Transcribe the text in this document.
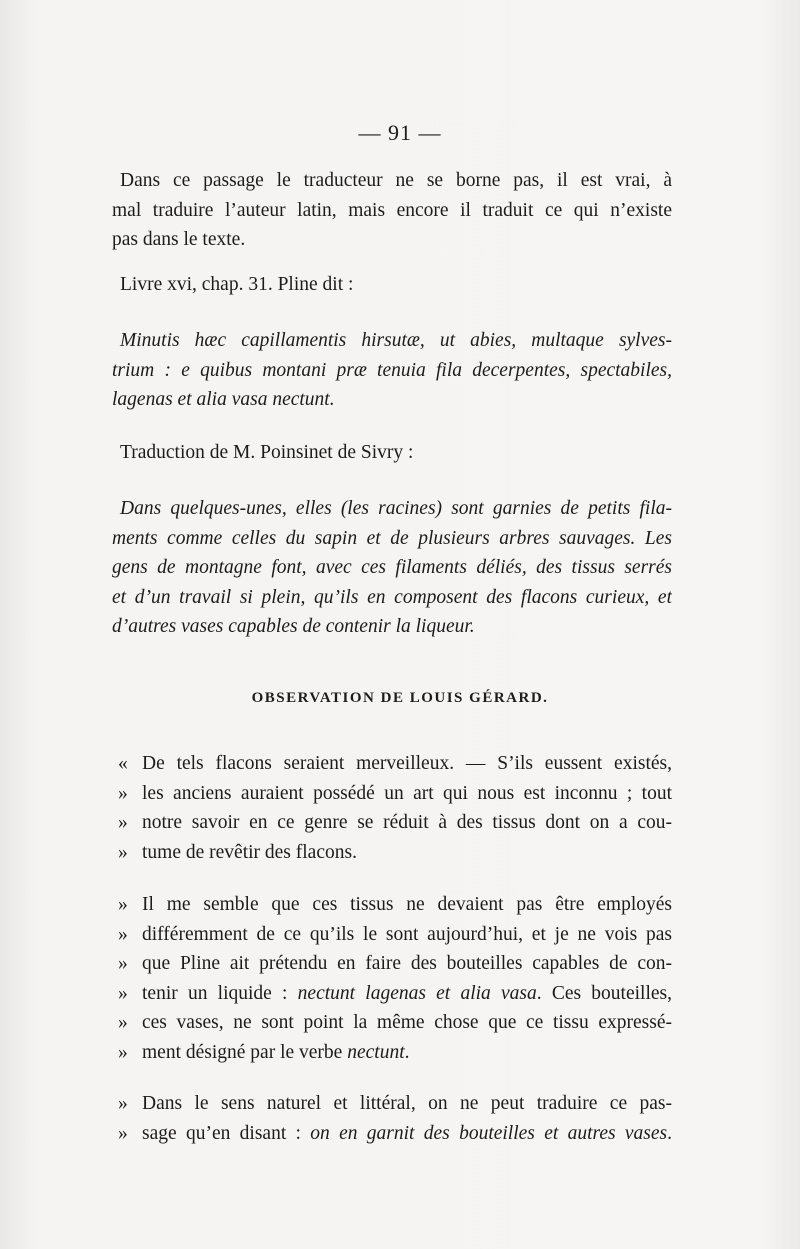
— 91 —
Dans ce passage le traducteur ne se borne pas, il est vrai, à
mal traduire l’auteur latin, mais encore il traduit ce qui n’existe
pas dans le texte.
Livre xvi, chap. 31. Pline dit :
Minutis hæc capillamentis hirsutæ, ut abies, multaque sylves-
trium : e quibus montani præ tenuia fila decerpentes, spectabiles,
lagenas et alia vasa nectunt.
Traduction de M. Poinsinet de Sivry :
Dans quelques-unes, elles (les racines) sont garnies de petits fila-
ments comme celles du sapin et de plusieurs arbres sauvages. Les
gens de montagne font, avec ces filaments déliés, des tissus serrés
et d’un travail si plein, qu’ils en composent des flacons curieux, et
d’autres vases capables de contenir la liqueur.
OBSERVATION DE LOUIS GÉRARD.
« De tels flacons seraient merveilleux. — S’ils eussent existés,
» les anciens auraient possédé un art qui nous est inconnu ; tout
» notre savoir en ce genre se réduit à des tissus dont on a cou-
» tume de revêtir des flacons.
» Il me semble que ces tissus ne devaient pas être employés
» différemment de ce qu’ils le sont aujourd’hui, et je ne vois pas
» que Pline ait prétendu en faire des bouteilles capables de con-
» tenir un liquide : nectunt lagenas et alia vasa. Ces bouteilles,
» ces vases, ne sont point la même chose que ce tissu expressé-
» ment désigné par le verbe nectunt.
» Dans le sens naturel et littéral, on ne peut traduire ce pas-
» sage qu’en disant : on en garnit des bouteilles et autres vases.
